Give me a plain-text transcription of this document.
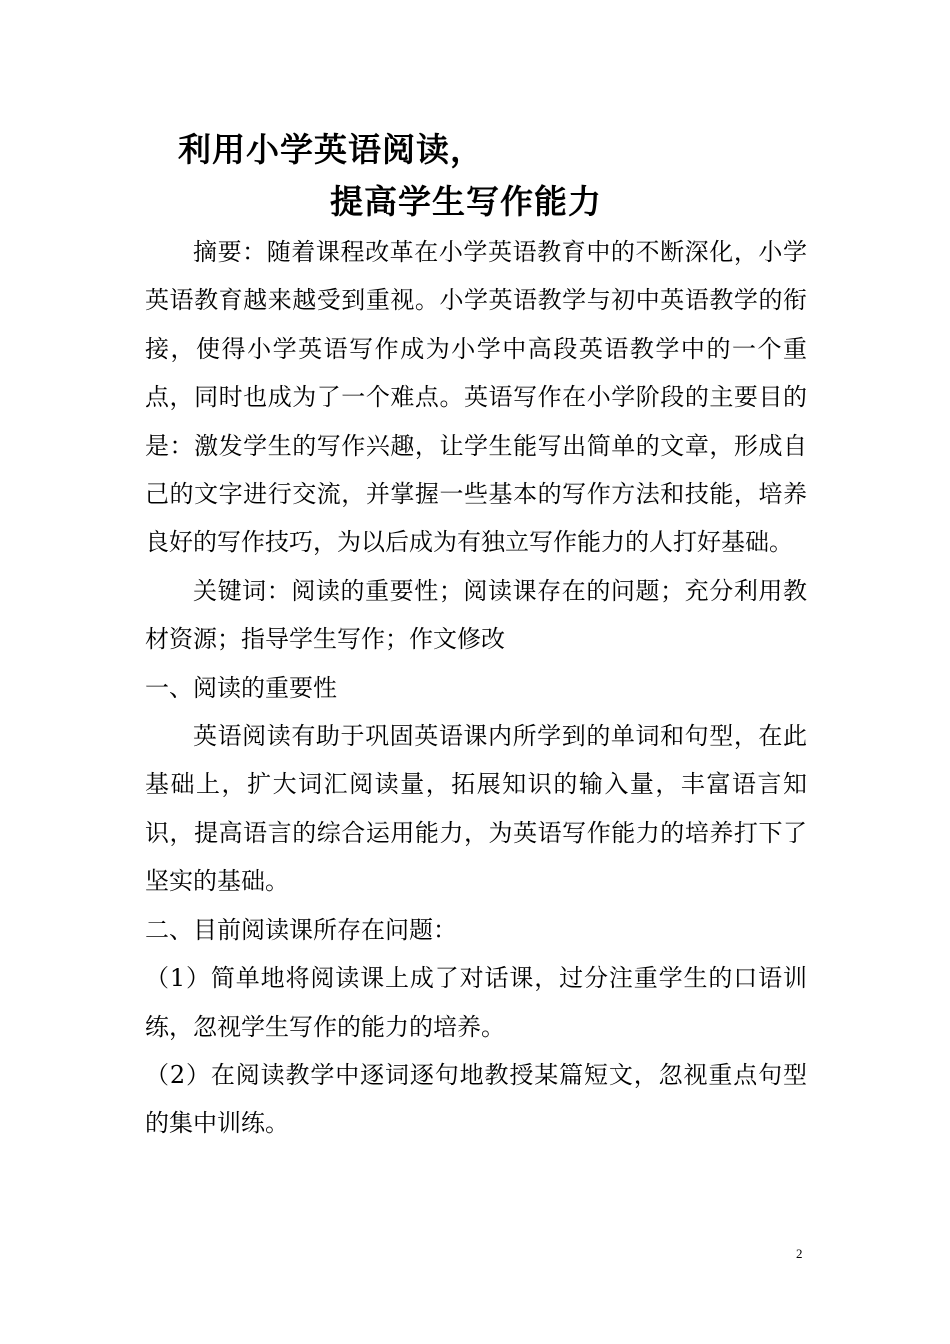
利用小学英语阅读，
提高学生写作能力

摘要：随着课程改革在小学英语教育中的不断深化，小学英语教育越来越受到重视。小学英语教学与初中英语教学的衔接，使得小学英语写作成为小学中高段英语教学中的一个重点，同时也成为了一个难点。英语写作在小学阶段的主要目的是：激发学生的写作兴趣，让学生能写出简单的文章，形成自己的文字进行交流，并掌握一些基本的写作方法和技能，培养良好的写作技巧，为以后成为有独立写作能力的人打好基础。

关键词：阅读的重要性；阅读课存在的问题；充分利用教材资源；指导学生写作；作文修改

一、阅读的重要性

英语阅读有助于巩固英语课内所学到的单词和句型，在此基础上，扩大词汇阅读量，拓展知识的输入量，丰富语言知识，提高语言的综合运用能力，为英语写作能力的培养打下了坚实的基础。

二、目前阅读课所存在问题：

（1）简单地将阅读课上成了对话课，过分注重学生的口语训练，忽视学生写作的能力的培养。

（2）在阅读教学中逐词逐句地教授某篇短文，忽视重点句型的集中训练。

2
